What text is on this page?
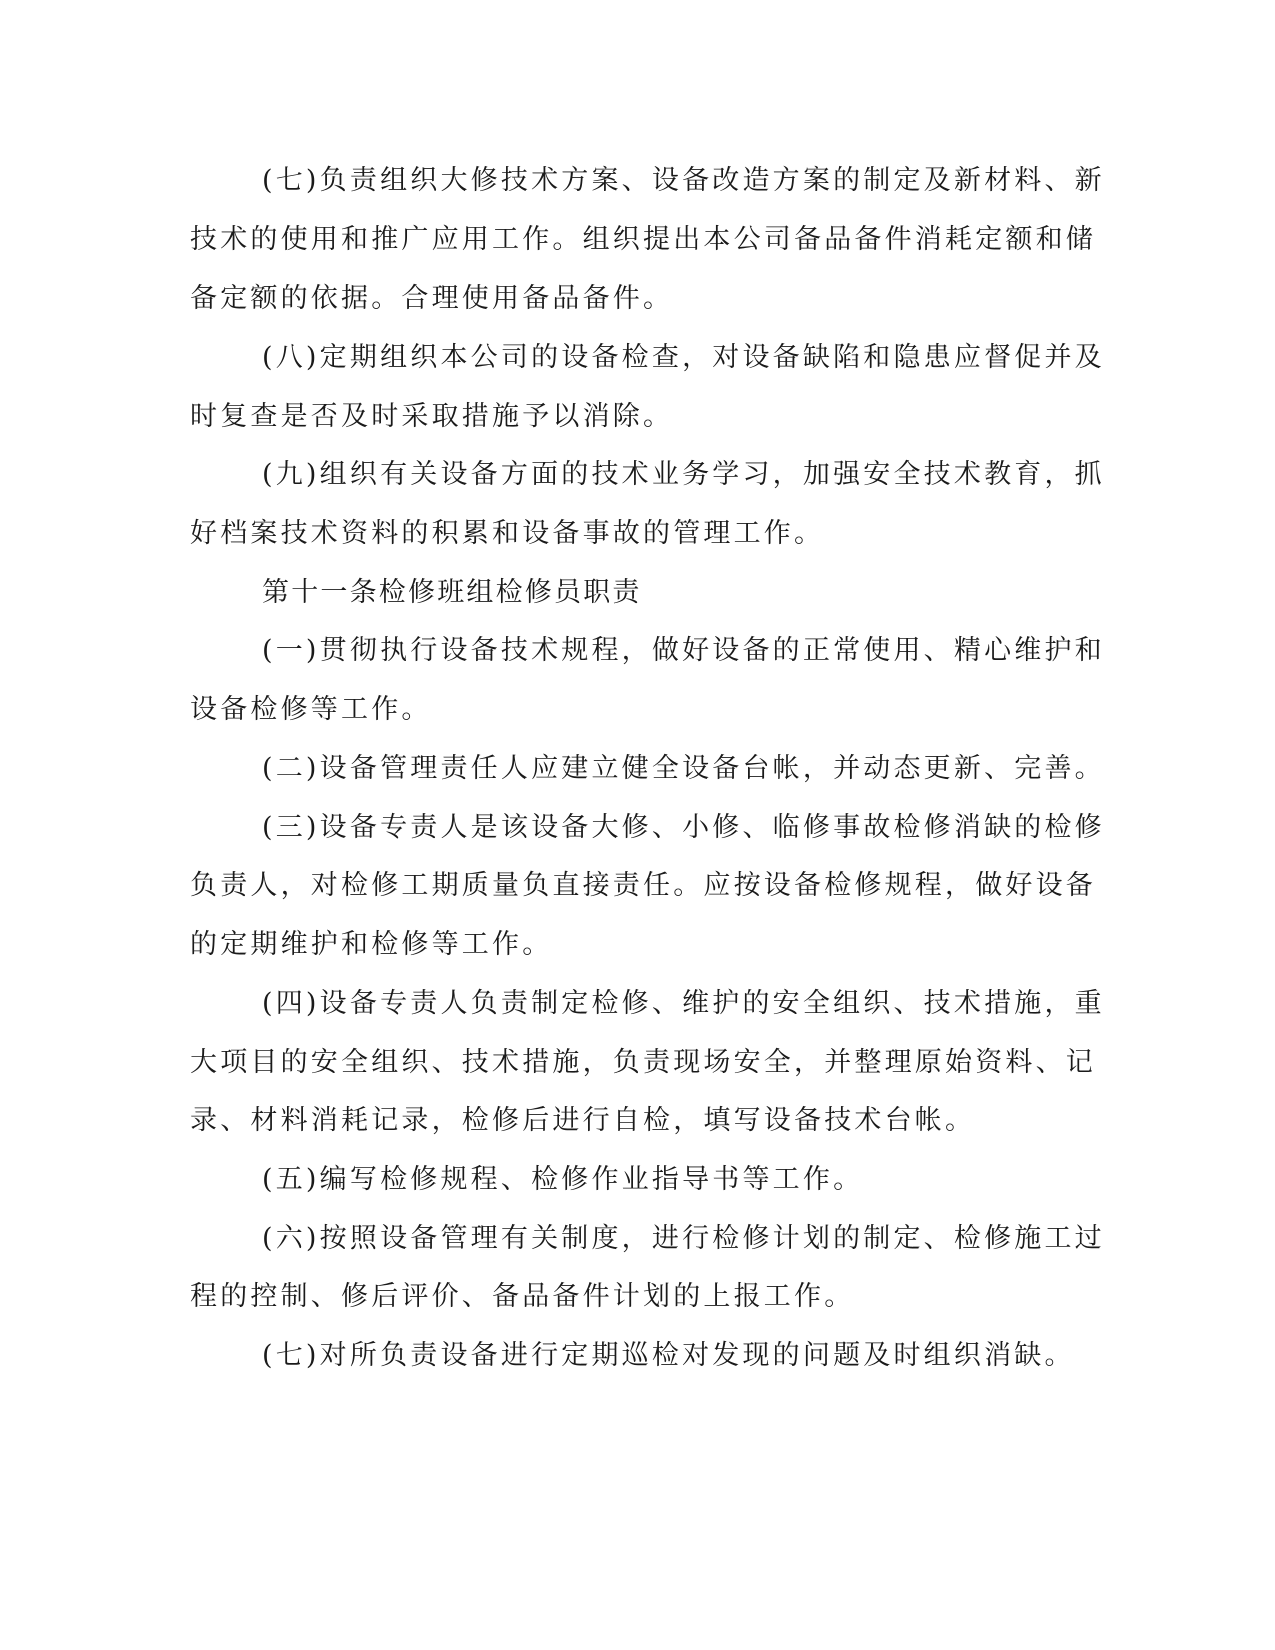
(七)负责组织大修技术方案、设备改造方案的制定及新材料、新
技术的使用和推广应用工作。组织提出本公司备品备件消耗定额和储
备定额的依据。合理使用备品备件。
(八)定期组织本公司的设备检查，对设备缺陷和隐患应督促并及
时复查是否及时采取措施予以消除。
(九)组织有关设备方面的技术业务学习，加强安全技术教育，抓
好档案技术资料的积累和设备事故的管理工作。
第十一条检修班组检修员职责
(一)贯彻执行设备技术规程，做好设备的正常使用、精心维护和
设备检修等工作。
(二)设备管理责任人应建立健全设备台帐，并动态更新、完善。
(三)设备专责人是该设备大修、小修、临修事故检修消缺的检修
负责人，对检修工期质量负直接责任。应按设备检修规程，做好设备
的定期维护和检修等工作。
(四)设备专责人负责制定检修、维护的安全组织、技术措施，重
大项目的安全组织、技术措施，负责现场安全，并整理原始资料、记
录、材料消耗记录，检修后进行自检，填写设备技术台帐。
(五)编写检修规程、检修作业指导书等工作。
(六)按照设备管理有关制度，进行检修计划的制定、检修施工过
程的控制、修后评价、备品备件计划的上报工作。
(七)对所负责设备进行定期巡检对发现的问题及时组织消缺。
